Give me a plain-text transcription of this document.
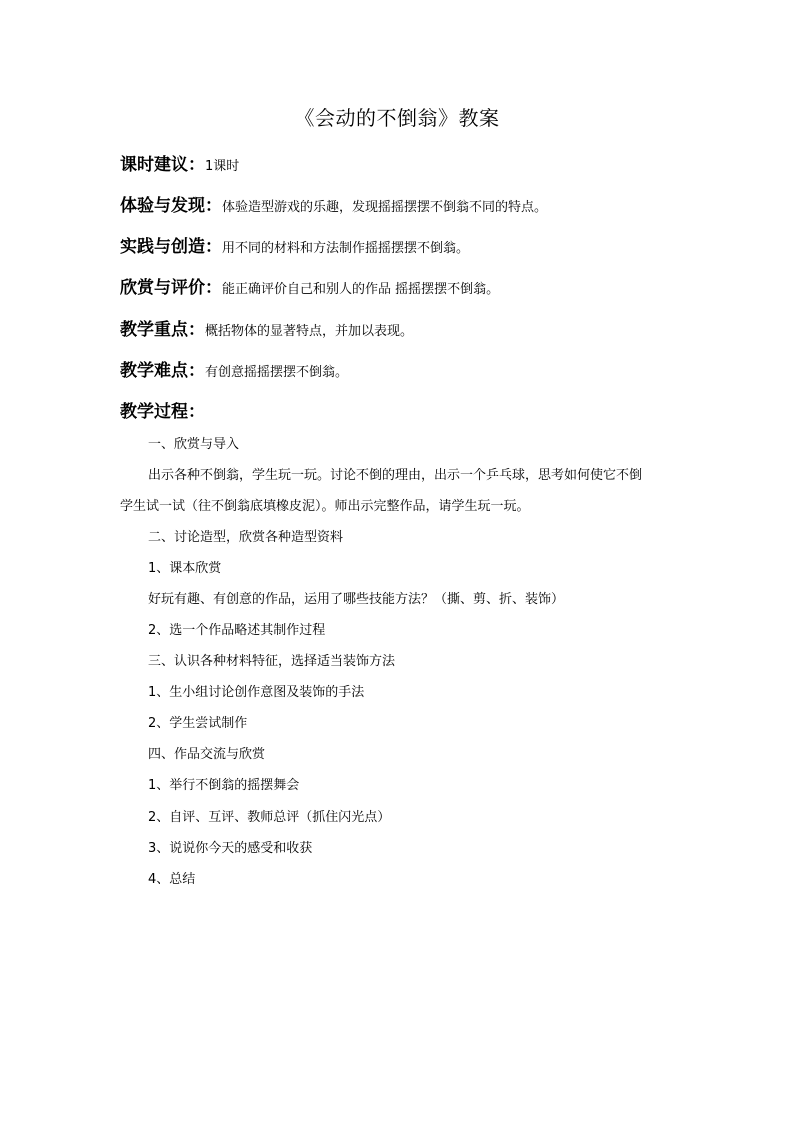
《会动的不倒翁》教案
课时建议：1课时
体验与发现：体验造型游戏的乐趣，发现摇摇摆摆不倒翁不同的特点。
实践与创造：用不同的材料和方法制作摇摇摆摆不倒翁。
欣赏与评价：能正确评价自己和别人的作品 摇摇摆摆不倒翁。
教学重点：概括物体的显著特点，并加以表现。
教学难点：有创意摇摇摆摆不倒翁。
教学过程：
一、欣赏与导入
出示各种不倒翁，学生玩一玩。讨论不倒的理由，出示一个乒乓球，思考如何使它不倒
学生试一试（往不倒翁底填橡皮泥）。师出示完整作品，请学生玩一玩。
二、讨论造型，欣赏各种造型资料
1、课本欣赏
好玩有趣、有创意的作品，运用了哪些技能方法？（撕、剪、折、装饰）
2、选一个作品略述其制作过程
三、认识各种材料特征，选择适当装饰方法
1、生小组讨论创作意图及装饰的手法
2、学生尝试制作
四、作品交流与欣赏
1、举行不倒翁的摇摆舞会
2、自评、互评、教师总评（抓住闪光点）
3、说说你今天的感受和收获
4、总结
